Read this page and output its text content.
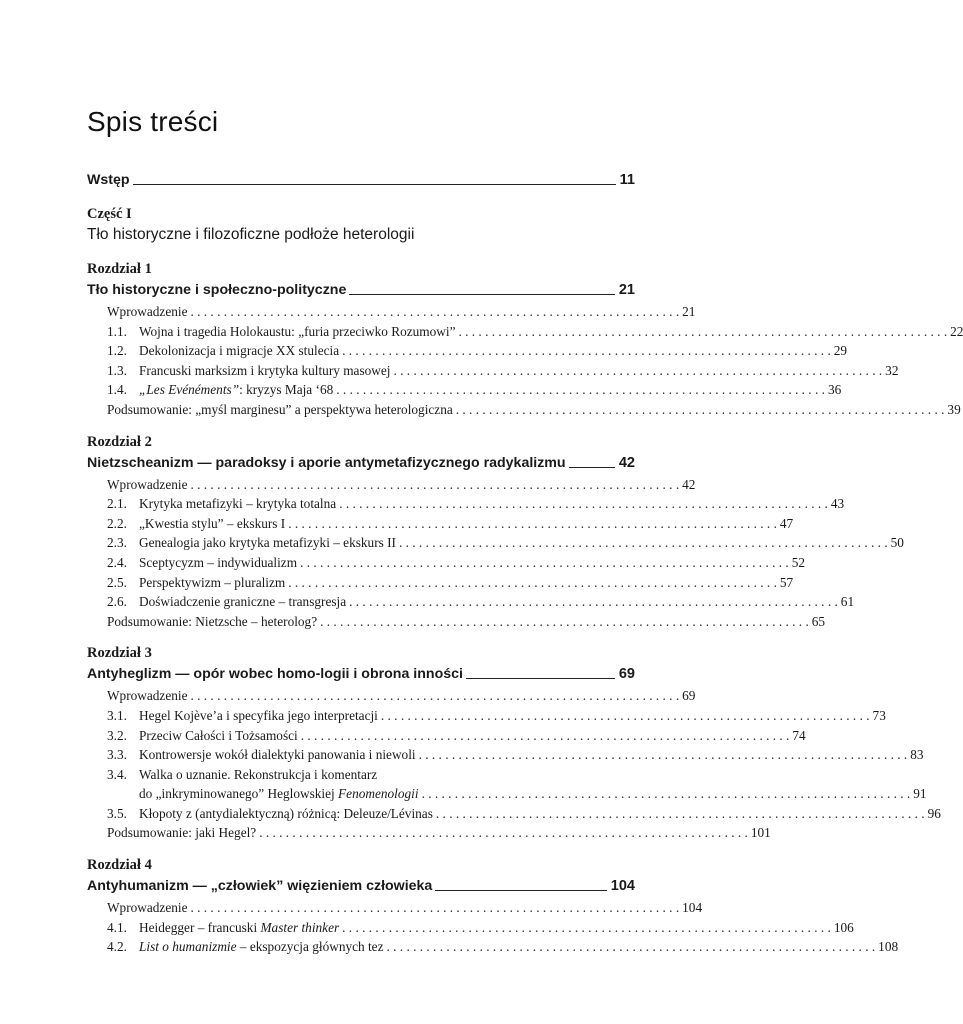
Spis treści
Wstęp	11
Część I
Tło historyczne i filozoficzne podłoże heterologii
Rozdział 1
Tło historyczne i społeczno-polityczne	21
Wprowadzenie . . . . . . . . . . . . . . . . . . . . . . . . . . . . . . . . . . . . . . . . . . . . . . . . . . . . . . . . . . . . . . . . . . . . . . . . . . 21
1.1. Wojna i tragedia Holokaustu: „furia przeciwko Rozumowi” . . . . . . . . . . . . . . . . . . . . . . . . . . . . . . . . . . . . . . . . . . . . . . . . . . . . . . . . . . . . . . . . . . . . . . . . . . 22
1.2. Dekolonizacja i migracje XX stulecia . . . . . . . . . . . . . . . . . . . . . . . . . . . . . . . . . . . . . . . . . . . . . . . . . . . . . . . . . . . . . . . . . . . . . . . . . . 29
1.3. Francuski marksizm i krytyka kultury masowej . . . . . . . . . . . . . . . . . . . . . . . . . . . . . . . . . . . . . . . . . . . . . . . . . . . . . . . . . . . . . . . . . . . . . . . . . . 32
1.4. „Les Evénéments”: kryzys Maja ‘68 . . . . . . . . . . . . . . . . . . . . . . . . . . . . . . . . . . . . . . . . . . . . . . . . . . . . . . . . . . . . . . . . . . . . . . . . . . 36
Podsumowanie: „myśl marginesu” a perspektywa heterologiczna . . . . . . . . . . . . . . . . . . . . . . . . . . . . . . . . . . . . . . . . . . . . . . . . . . . . . . . . . . . . . . . . . . . . . . . . . . 39
Rozdział 2
Nietzscheanizm — paradoksy i aporie antymetafizycznego radykalizmu	42
Wprowadzenie . . . . . . . . . . . . . . . . . . . . . . . . . . . . . . . . . . . . . . . . . . . . . . . . . . . . . . . . . . . . . . . . . . . . . . . . . . 42
2.1. Krytyka metafizyki – krytyka totalna . . . . . . . . . . . . . . . . . . . . . . . . . . . . . . . . . . . . . . . . . . . . . . . . . . . . . . . . . . . . . . . . . . . . . . . . . . 43
2.2. „Kwestia stylu” – ekskurs I . . . . . . . . . . . . . . . . . . . . . . . . . . . . . . . . . . . . . . . . . . . . . . . . . . . . . . . . . . . . . . . . . . . . . . . . . . 47
2.3. Genealogia jako krytyka metafizyki – ekskurs II . . . . . . . . . . . . . . . . . . . . . . . . . . . . . . . . . . . . . . . . . . . . . . . . . . . . . . . . . . . . . . . . . . . . . . . . . . 50
2.4. Sceptycyzm – indywidualizm . . . . . . . . . . . . . . . . . . . . . . . . . . . . . . . . . . . . . . . . . . . . . . . . . . . . . . . . . . . . . . . . . . . . . . . . . . 52
2.5. Perspektywizm – pluralizm . . . . . . . . . . . . . . . . . . . . . . . . . . . . . . . . . . . . . . . . . . . . . . . . . . . . . . . . . . . . . . . . . . . . . . . . . . 57
2.6. Doświadczenie graniczne – transgresja . . . . . . . . . . . . . . . . . . . . . . . . . . . . . . . . . . . . . . . . . . . . . . . . . . . . . . . . . . . . . . . . . . . . . . . . . . 61
Podsumowanie: Nietzsche – heterolog? . . . . . . . . . . . . . . . . . . . . . . . . . . . . . . . . . . . . . . . . . . . . . . . . . . . . . . . . . . . . . . . . . . . . . . . . . . 65
Rozdział 3
Antyheglizm — opór wobec homo-logii i obrona inności	69
Wprowadzenie . . . . . . . . . . . . . . . . . . . . . . . . . . . . . . . . . . . . . . . . . . . . . . . . . . . . . . . . . . . . . . . . . . . . . . . . . . 69
3.1. Hegel Kojève’a i specyfika jego interpretacji . . . . . . . . . . . . . . . . . . . . . . . . . . . . . . . . . . . . . . . . . . . . . . . . . . . . . . . . . . . . . . . . . . . . . . . . . . 73
3.2. Przeciw Całości i Tożsamości . . . . . . . . . . . . . . . . . . . . . . . . . . . . . . . . . . . . . . . . . . . . . . . . . . . . . . . . . . . . . . . . . . . . . . . . . . 74
3.3. Kontrowersje wokół dialektyki panowania i niewoli . . . . . . . . . . . . . . . . . . . . . . . . . . . . . . . . . . . . . . . . . . . . . . . . . . . . . . . . . . . . . . . . . . . . . . . . . . 83
3.4. Walka o uznanie. Rekonstrukcja i komentarz
do „inkryminowanego” Heglowskiej Fenomenologii . . . . . . . . . . . . . . . . . . . . . . . . . . . . . . . . . . . . . . . . . . . . . . . . . . . . . . . . . . . . . . . . . . . . . . . . . . 91
3.5. Kłopoty z (antydialektyczną) różnicą: Deleuze/Lévinas . . . . . . . . . . . . . . . . . . . . . . . . . . . . . . . . . . . . . . . . . . . . . . . . . . . . . . . . . . . . . . . . . . . . . . . . . . 96
Podsumowanie: jaki Hegel? . . . . . . . . . . . . . . . . . . . . . . . . . . . . . . . . . . . . . . . . . . . . . . . . . . . . . . . . . . . . . . . . . . . . . . . . . . 101
Rozdział 4
Antyhumanizm — „człowiek” więzieniem człowieka	104
Wprowadzenie . . . . . . . . . . . . . . . . . . . . . . . . . . . . . . . . . . . . . . . . . . . . . . . . . . . . . . . . . . . . . . . . . . . . . . . . . . 104
4.1. Heidegger – francuski Master thinker . . . . . . . . . . . . . . . . . . . . . . . . . . . . . . . . . . . . . . . . . . . . . . . . . . . . . . . . . . . . . . . . . . . . . . . . . . 106
4.2. List o humanizmie – ekspozycja głównych tez . . . . . . . . . . . . . . . . . . . . . . . . . . . . . . . . . . . . . . . . . . . . . . . . . . . . . . . . . . . . . . . . . . . . . . . . . . 108
